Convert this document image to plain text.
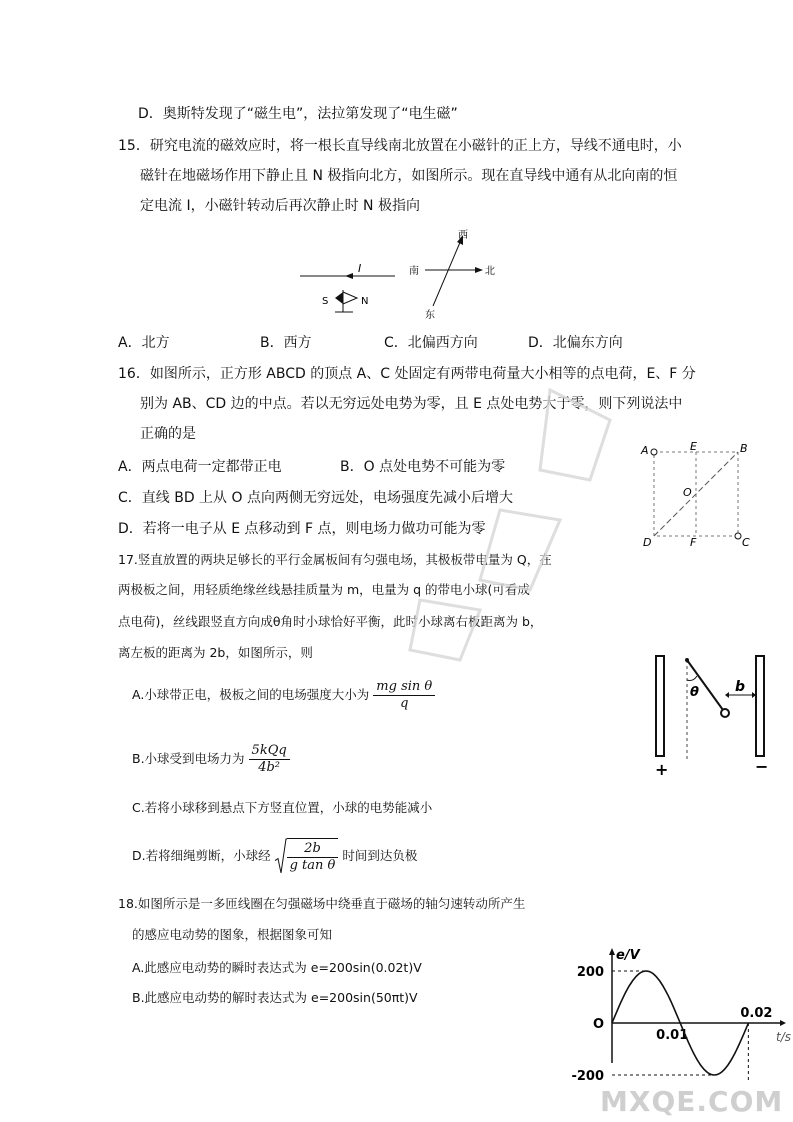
D．奥斯特发现了“磁生电”，法拉第发现了“电生磁”
15．研究电流的磁效应时，将一根长直导线南北放置在小磁针的正上方，导线不通电时，小
磁针在地磁场作用下静止且 N 极指向北方，如图所示。现在直导线中通有从北向南的恒
定电流 I，小磁针转动后再次静止时 N 极指向
I
S	N
南	北
西
东
A．北方	B．西方	C．北偏西方向	D．北偏东方向
16．如图所示，正方形 ABCD 的顶点 A、C 处固定有两带电荷量大小相等的点电荷，E、F 分
别为 AB、CD 边的中点。若以无穷远处电势为零，且 E 点处电势大于零，则下列说法中
正确的是
A．两点电荷一定都带正电	B．O 点处电势不可能为零
C．直线 BD 上从 O 点向两侧无穷远处，电场强度先减小后增大
D．若将一电子从 E 点移动到 F 点，则电场力做功可能为零
A	E	B
O
D	F	C
17.竖直放置的两块足够长的平行金属板间有匀强电场，其极板带电量为 Q，在
两极板之间，用轻质绝缘丝线悬挂质量为 m，电量为 q 的带电小球(可看成
点电荷)，丝线跟竖直方向成θ角时小球恰好平衡，此时小球离右板距离为 b，
离左板的距离为 2b，如图所示，则
A.小球带正电，极板之间的电场强度大小为 $\frac{\text{mg sin θ}}{q}$
B.小球受到电场力为 $\frac{\text{5kQq}}{\text{4b²}}$
C.若将小球移到悬点下方竖直位置，小球的电势能减小
D.若将细绳剪断，小球经 $\frac{2b}{\text{g tan θ}}$ 时间到达负极
θ	b
+	−
18.如图所示是一多匝线圈在匀强磁场中绕垂直于磁场的轴匀速转动所产生
的感应电动势的图象，根据图象可知
A.此感应电动势的瞬时表达式为 e=200sin(0.02t)V
B.此感应电动势的解时表达式为 e=200sin(50πt)V
e/V
t/s
200
O
-200
0.01
0.02
MXQE.COM
